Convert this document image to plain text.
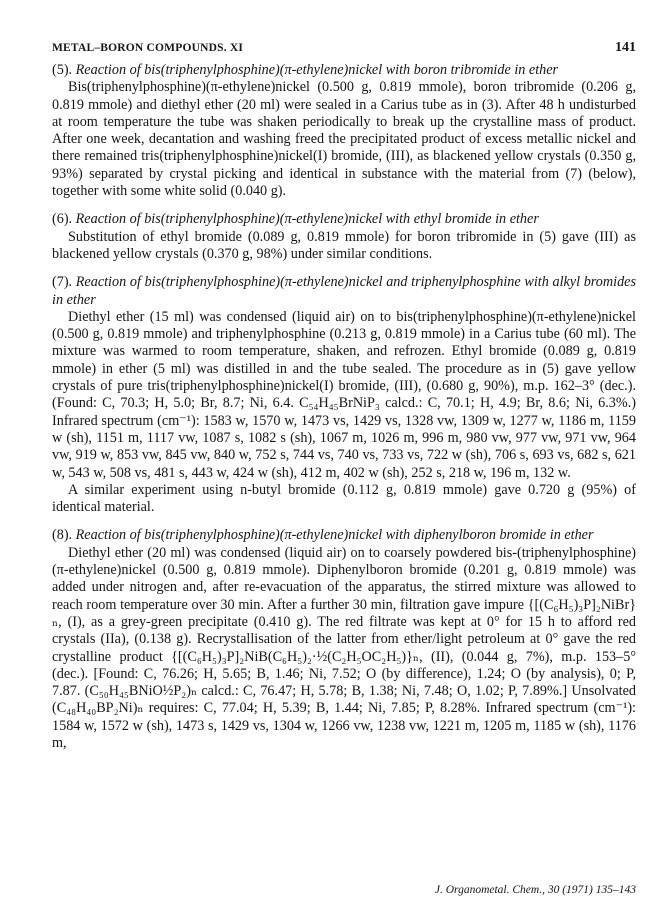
METAL–BORON COMPOUNDS. XI	141
(5). Reaction of bis(triphenylphosphine)(π-ethylene)nickel with boron tribromide in ether

Bis(triphenylphosphine)(π-ethylene)nickel (0.500 g, 0.819 mmole), boron tribromide (0.206 g, 0.819 mmole) and diethyl ether (20 ml) were sealed in a Carius tube as in (3). After 48 h undisturbed at room temperature the tube was shaken periodically to break up the crystalline mass of product. After one week, decantation and washing freed the precipitated product of excess metallic nickel and there remained tris(triphenylphosphine)nickel(I) bromide, (III), as blackened yellow crystals (0.350 g, 93%) separated by crystal picking and identical in substance with the material from (7) (below), together with some white solid (0.040 g).

(6). Reaction of bis(triphenylphosphine)(π-ethylene)nickel with ethyl bromide in ether

Substitution of ethyl bromide (0.089 g, 0.819 mmole) for boron tribromide in (5) gave (III) as blackened yellow crystals (0.370 g, 98%) under similar conditions.

(7). Reaction of bis(triphenylphosphine)(π-ethylene)nickel and triphenylphosphine with alkyl bromides in ether

Diethyl ether (15 ml) was condensed (liquid air) on to bis(triphenylphosphine)(π-ethylene)nickel (0.500 g, 0.819 mmole) and triphenylphosphine (0.213 g, 0.819 mmole) in a Carius tube (60 ml). The mixture was warmed to room temperature, shaken, and refrozen. Ethyl bromide (0.089 g, 0.819 mmole) in ether (5 ml) was distilled in and the tube sealed. The procedure as in (5) gave yellow crystals of pure tris(triphenylphosphine)nickel(I) bromide, (III), (0.680 g, 90%), m.p. 162–3° (dec.). (Found: C, 70.3; H, 5.0; Br, 8.7; Ni, 6.4. C₅₄H₄₅BrNiP₃ calcd.: C, 70.1; H, 4.9; Br, 8.6; Ni, 6.3%.) Infrared spectrum (cm⁻¹): 1583 w, 1570 w, 1473 vs, 1429 vs, 1328 vw, 1309 w, 1277 w, 1186 m, 1159 w (sh), 1151 m, 1117 vw, 1087 s, 1082 s (sh), 1067 m, 1026 m, 996 m, 980 vw, 977 vw, 971 vw, 964 vw, 919 w, 853 vw, 845 vw, 840 w, 752 s, 744 vs, 740 vs, 733 vs, 722 w (sh), 706 s, 693 vs, 682 s, 621 w, 543 w, 508 vs, 481 s, 443 w, 424 w (sh), 412 m, 402 w (sh), 252 s, 218 w, 196 m, 132 w.

A similar experiment using n-butyl bromide (0.112 g, 0.819 mmole) gave 0.720 g (95%) of identical material.

(8). Reaction of bis(triphenylphosphine)(π-ethylene)nickel with diphenylboron bromide in ether

Diethyl ether (20 ml) was condensed (liquid air) on to coarsely powdered bis-(triphenylphosphine)(π-ethylene)nickel (0.500 g, 0.819 mmole). Diphenylboron bromide (0.201 g, 0.819 mmole) was added under nitrogen and, after re-evacuation of the apparatus, the stirred mixture was allowed to reach room temperature over 30 min. After a further 30 min, filtration gave impure {[(C₆H₅)₃P]₂NiBr}ₙ, (I), as a grey-green precipitate (0.410 g). The red filtrate was kept at 0° for 15 h to afford red crystals (IIa), (0.138 g). Recrystallisation of the latter from ether/light petroleum at 0° gave the red crystalline product {[(C₆H₅)₃P]₂NiB(C₆H₅)₂·½(C₂H₅OC₂H₅)}ₙ, (II), (0.044 g, 7%), m.p. 153–5° (dec.). [Found: C, 76.26; H, 5.65; B, 1.46; Ni, 7.52; O (by difference), 1.24; O (by analysis), 0; P, 7.87. (C₅₀H₄₅BNiO½P₂)ₙ calcd.: C, 76.47; H, 5.78; B, 1.38; Ni, 7.48; O, 1.02; P, 7.89%.] Unsolvated (C₄₈H₄₀BP₂Ni)ₙ requires: C, 77.04; H, 5.39; B, 1.44; Ni, 7.85; P, 8.28%. Infrared spectrum (cm⁻¹): 1584 w, 1572 w (sh), 1473 s, 1429 vs, 1304 w, 1266 vw, 1238 vw, 1221 m, 1205 m, 1185 w (sh), 1176 m,

J. Organometal. Chem., 30 (1971) 135–143
